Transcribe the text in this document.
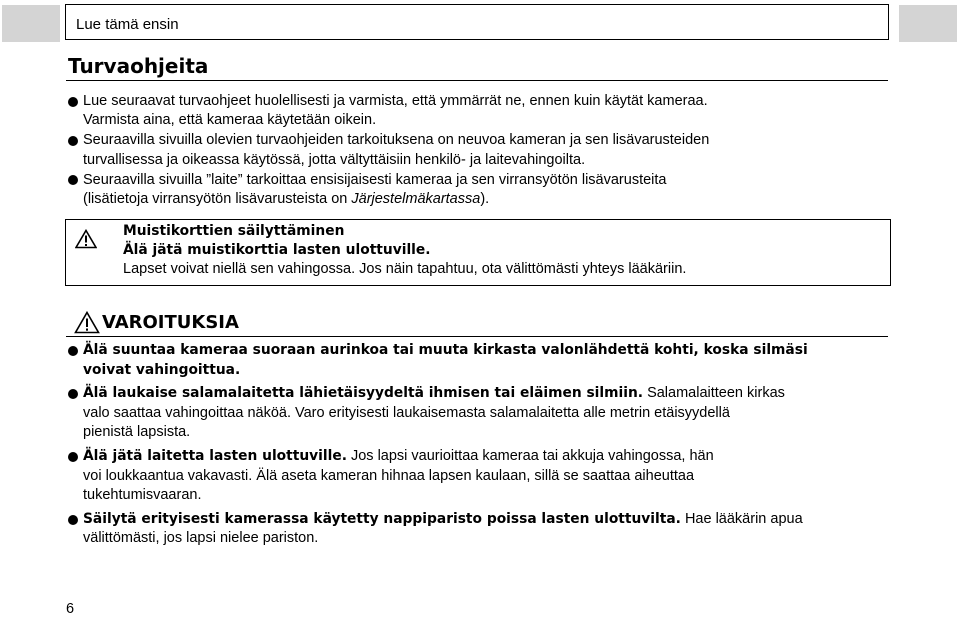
Lue tämä ensin
Turvaohjeita
Lue seuraavat turvaohjeet huolellisesti ja varmista, että ymmärrät ne, ennen kuin käytät kameraa.
Varmista aina, että kameraa käytetään oikein.
Seuraavilla sivuilla olevien turvaohjeiden tarkoituksena on neuvoa kameran ja sen lisävarusteiden
turvallisessa ja oikeassa käytössä, jotta vältyttäisiin henkilö- ja laitevahingoilta.
Seuraavilla sivuilla ”laite” tarkoittaa ensisijaisesti kameraa ja sen virransyötön lisävarusteita
(lisätietoja virransyötön lisävarusteista on Järjestelmäkartassa).
Muistikorttien säilyttäminen
Älä jätä muistikorttia lasten ulottuville.
Lapset voivat niellä sen vahingossa. Jos näin tapahtuu, ota välittömästi yhteys lääkäriin.
VAROITUKSIA
Älä suuntaa kameraa suoraan aurinkoa tai muuta kirkasta valonlähdettä kohti, koska silmäsi
voivat vahingoittua.
Älä laukaise salamalaitetta lähietäisyydeltä ihmisen tai eläimen silmiin. Salamalaitteen kirkas
valo saattaa vahingoittaa näköä. Varo erityisesti laukaisemasta salamalaitetta alle metrin etäisyydellä
pienistä lapsista.
Älä jätä laitetta lasten ulottuville. Jos lapsi vaurioittaa kameraa tai akkuja vahingossa, hän
voi loukkaantua vakavasti. Älä aseta kameran hihnaa lapsen kaulaan, sillä se saattaa aiheuttaa
tukehtumisvaaran.
Säilytä erityisesti kamerassa käytetty nappiparisto poissa lasten ulottuvilta. Hae lääkärin apua
välittömästi, jos lapsi nielee pariston.
6
